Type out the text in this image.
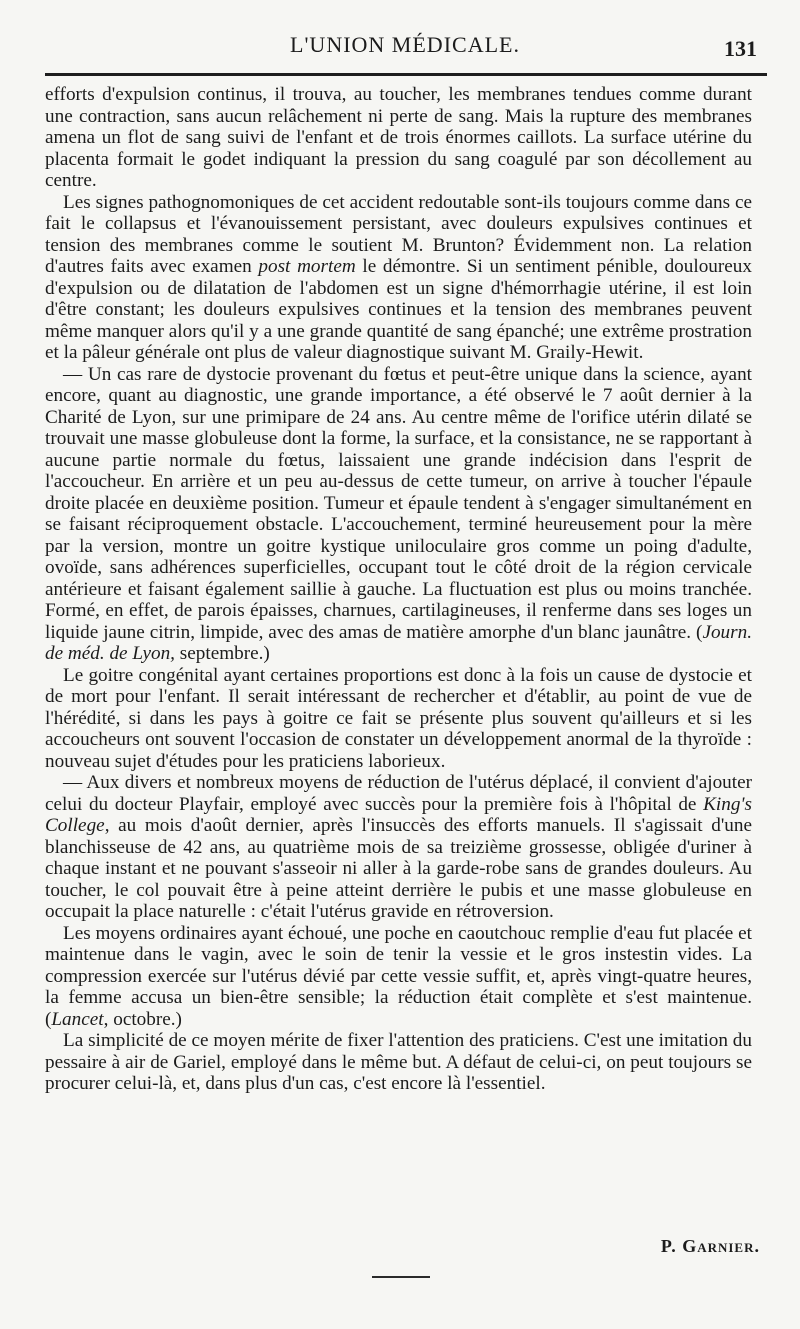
L'UNION MÉDICALE.	131

efforts d'expulsion continus, il trouva, au toucher, les membranes tendues comme durant une contraction, sans aucun relâchement ni perte de sang. Mais la rupture des membranes amena un flot de sang suivi de l'enfant et de trois énormes caillots. La surface utérine du placenta formait le godet indiquant la pression du sang coagulé par son décollement au centre.

Les signes pathognomoniques de cet accident redoutable sont-ils toujours comme dans ce fait le collapsus et l'évanouissement persistant, avec douleurs expulsives continues et tension des membranes comme le soutient M. Brunton? Évidemment non. La relation d'autres faits avec examen post mortem le démontre. Si un sentiment pénible, douloureux d'expulsion ou de dilatation de l'abdomen est un signe d'hémorrhagie utérine, il est loin d'être constant; les douleurs expulsives continues et la tension des membranes peuvent même manquer alors qu'il y a une grande quantité de sang épanché; une extrême prostration et la pâleur générale ont plus de valeur diagnostique suivant M. Graily-Hewit.

— Un cas rare de dystocie provenant du fœtus et peut-être unique dans la science, ayant encore, quant au diagnostic, une grande importance, a été observé le 7 août dernier à la Charité de Lyon, sur une primipare de 24 ans. Au centre même de l'orifice utérin dilaté se trouvait une masse globuleuse dont la forme, la surface, et la consistance, ne se rapportant à aucune partie normale du fœtus, laissaient une grande indécision dans l'esprit de l'accoucheur. En arrière et un peu au-dessus de cette tumeur, on arrive à toucher l'épaule droite placée en deuxième position. Tumeur et épaule tendent à s'engager simultanément en se faisant réciproquement obstacle. L'accouchement, terminé heureusement pour la mère par la version, montre un goitre kystique uniloculaire gros comme un poing d'adulte, ovoïde, sans adhérences superficielles, occupant tout le côté droit de la région cervicale antérieure et faisant également saillie à gauche. La fluctuation est plus ou moins tranchée. Formé, en effet, de parois épaisses, charnues, cartilagineuses, il renferme dans ses loges un liquide jaune citrin, limpide, avec des amas de matière amorphe d'un blanc jaunâtre. (Journ. de méd. de Lyon, septembre.)

Le goitre congénital ayant certaines proportions est donc à la fois un cause de dystocie et de mort pour l'enfant. Il serait intéressant de rechercher et d'établir, au point de vue de l'hérédité, si dans les pays à goitre ce fait se présente plus souvent qu'ailleurs et si les accoucheurs ont souvent l'occasion de constater un développement anormal de la thyroïde : nouveau sujet d'études pour les praticiens laborieux.

— Aux divers et nombreux moyens de réduction de l'utérus déplacé, il convient d'ajouter celui du docteur Playfair, employé avec succès pour la première fois à l'hôpital de King's College, au mois d'août dernier, après l'insuccès des efforts manuels. Il s'agissait d'une blanchisseuse de 42 ans, au quatrième mois de sa treizième grossesse, obligée d'uriner à chaque instant et ne pouvant s'asseoir ni aller à la garde-robe sans de grandes douleurs. Au toucher, le col pouvait être à peine atteint derrière le pubis et une masse globuleuse en occupait la place naturelle : c'était l'utérus gravide en rétroversion.

Les moyens ordinaires ayant échoué, une poche en caoutchouc remplie d'eau fut placée et maintenue dans le vagin, avec le soin de tenir la vessie et le gros instestin vides. La compression exercée sur l'utérus dévié par cette vessie suffit, et, après vingt-quatre heures, la femme accusa un bien-être sensible; la réduction était complète et s'est maintenue. (Lancet, octobre.)

La simplicité de ce moyen mérite de fixer l'attention des praticiens. C'est une imitation du pessaire à air de Gariel, employé dans le même but. A défaut de celui-ci, on peut toujours se procurer celui-là, et, dans plus d'un cas, c'est encore là l'essentiel.

P. Garnier.
